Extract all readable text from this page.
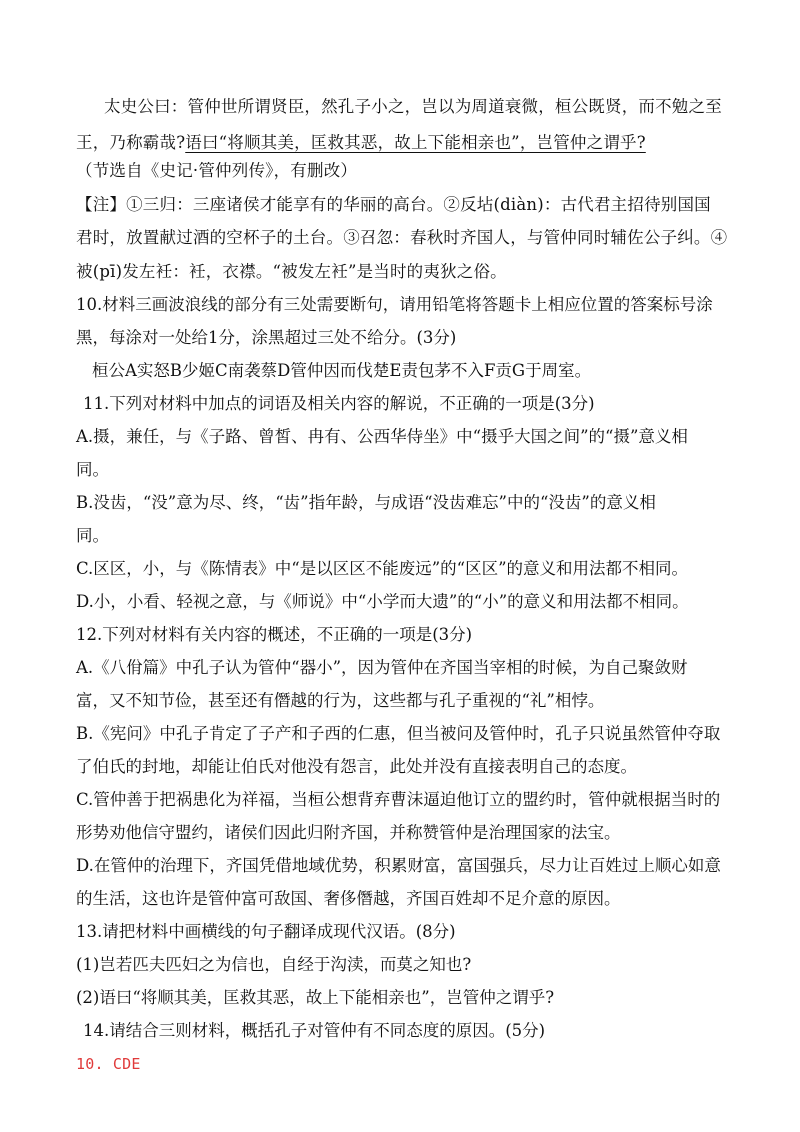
太史公曰：管仲世所谓贤臣，然孔子小之，岂以为周道衰微，桓公既贤，而不勉之至
王，乃称霸哉?语曰“将顺其美，匡救其恶，故上下能相亲也”，岂管仲之谓乎?
（节选自《史记·管仲列传》，有删改）
【注】①三归：三座诸侯才能享有的华丽的高台。②反坫(diàn)：古代君主招待别国国
君时，放置献过酒的空杯子的土台。③召忽：春秋时齐国人，与管仲同时辅佐公子纠。④
被(pī)发左衽：衽，衣襟。“被发左衽”是当时的夷狄之俗。
10.材料三画波浪线的部分有三处需要断句，请用铅笔将答题卡上相应位置的答案标号涂
黑，每涂对一处给1分，涂黑超过三处不给分。(3分)
桓公A实怒B少姬C南袭蔡D管仲因而伐楚E责包茅不入F贡G于周室。
11.下列对材料中加点的词语及相关内容的解说，不正确的一项是(3分)
A.摄，兼任，与《子路、曾皙、冉有、公西华侍坐》中“摄乎大国之间”的“摄”意义相
同。
B.没齿，“没”意为尽、终，“齿”指年龄，与成语“没齿难忘”中的“没齿”的意义相
同。
C.区区，小，与《陈情表》中“是以区区不能废远”的“区区”的意义和用法都不相同。
D.小，小看、轻视之意，与《师说》中“小学而大遗”的“小”的意义和用法都不相同。
12.下列对材料有关内容的概述，不正确的一项是(3分)
A.《八佾篇》中孔子认为管仲“器小”，因为管仲在齐国当宰相的时候，为自己聚敛财
富，又不知节俭，甚至还有僭越的行为，这些都与孔子重视的“礼”相悖。
B.《宪问》中孔子肯定了子产和子西的仁惠，但当被问及管仲时，孔子只说虽然管仲夺取
了伯氏的封地，却能让伯氏对他没有怨言，此处并没有直接表明自己的态度。
C.管仲善于把祸患化为祥福，当桓公想背弃曹沫逼迫他订立的盟约时，管仲就根据当时的
形势劝他信守盟约，诸侯们因此归附齐国，并称赞管仲是治理国家的法宝。
D.在管仲的治理下，齐国凭借地域优势，积累财富，富国强兵，尽力让百姓过上顺心如意
的生活，这也许是管仲富可敌国、奢侈僭越，齐国百姓却不足介意的原因。
13.请把材料中画横线的句子翻译成现代汉语。(8分)
(1)岂若匹夫匹妇之为信也，自经于沟渎，而莫之知也?
(2)语曰“将顺其美，匡救其恶，故上下能相亲也”，岂管仲之谓乎?
14.请结合三则材料，概括孔子对管仲有不同态度的原因。(5分)
10. CDE
